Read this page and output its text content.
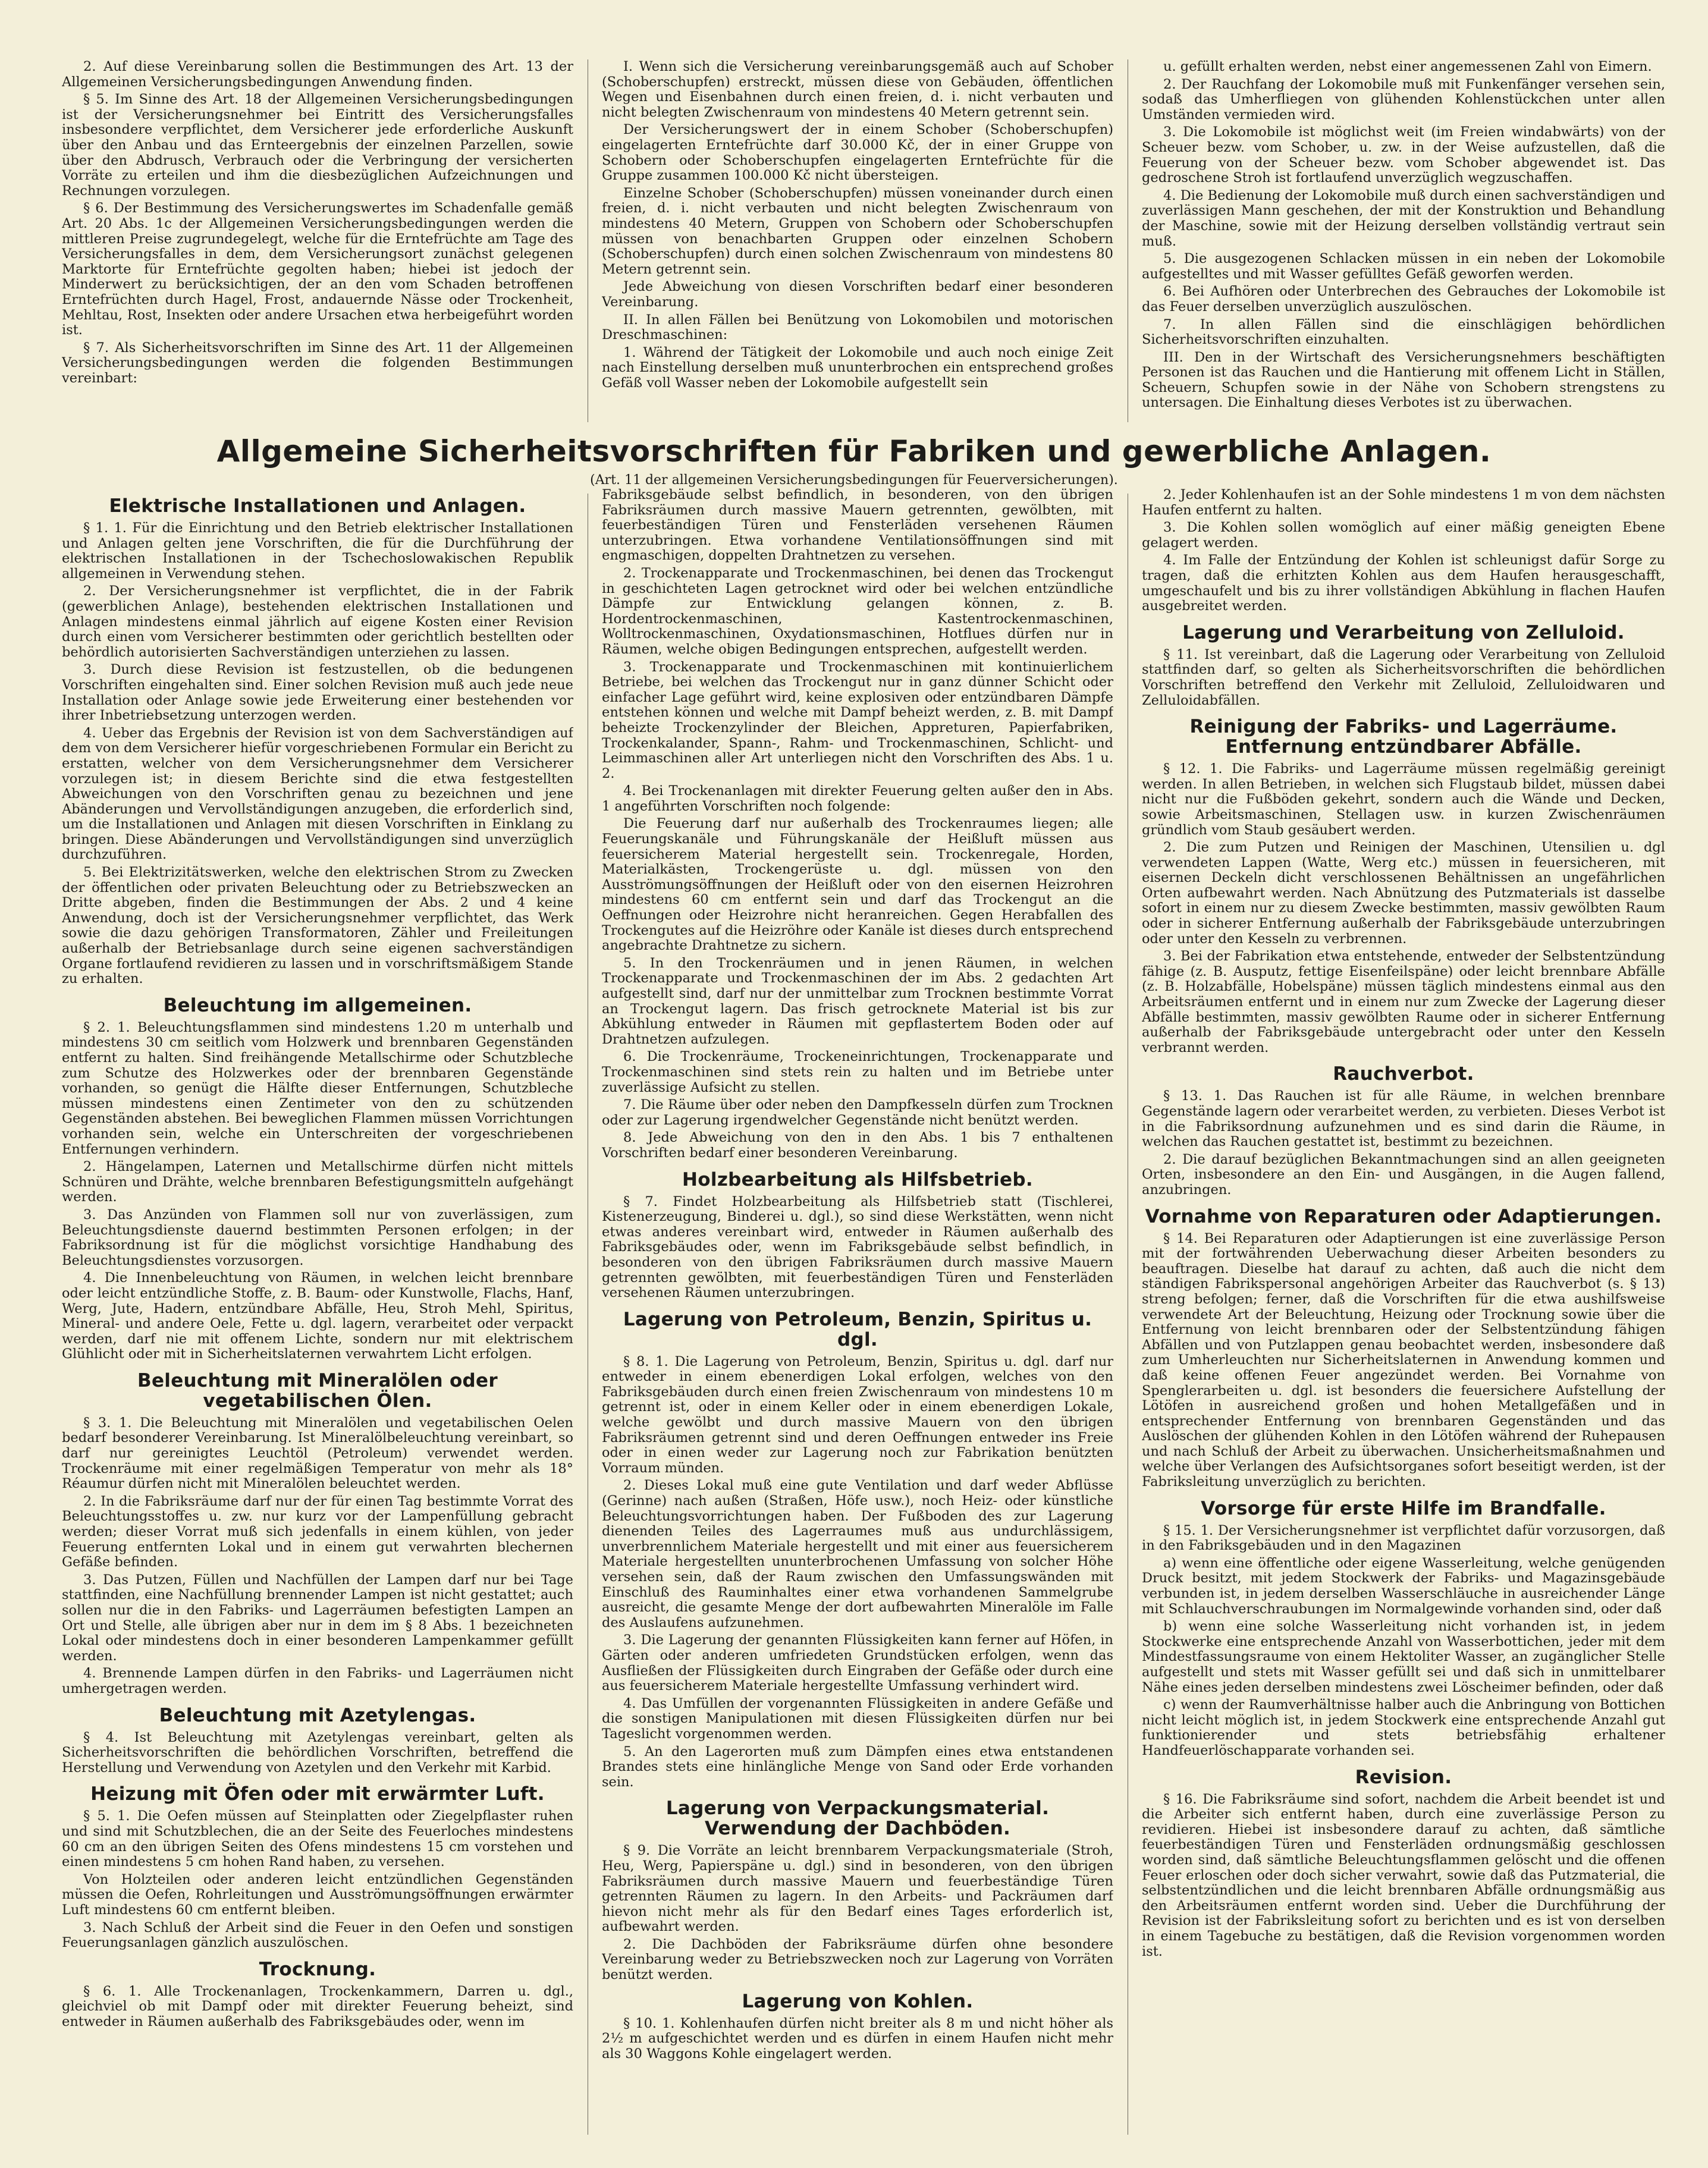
2. Auf diese Vereinbarung sollen die Bestimmungen des Art. 13 der Allgemeinen Versicherungsbedingungen Anwendung finden.

§ 5. Im Sinne des Art. 18 der Allgemeinen Versicherungsbedingungen ist der Versicherungsnehmer bei Eintritt des Versicherungsfalles insbesondere verpflichtet, dem Versicherer jede erforderliche Auskunft über den Anbau und das Ernteergebnis der einzelnen Parzellen, sowie über den Abdrusch, Verbrauch oder die Verbringung der versicherten Vorräte zu erteilen und ihm die diesbezüglichen Aufzeichnungen und Rechnungen vorzulegen.

§ 6. Der Bestimmung des Versicherungswertes im Schadenfalle gemäß Art. 20 Abs. 1c der Allgemeinen Versicherungsbedingungen werden die mittleren Preise zugrundegelegt, welche für die Erntefrüchte am Tage des Versicherungsfalles in dem, dem Versicherungsort zunächst gelegenen Marktorte für Erntefrüchte gegolten haben; hiebei ist jedoch der Minderwert zu berücksichtigen, der an den vom Schaden betroffenen Erntefrüchten durch Hagel, Frost, andauernde Nässe oder Trockenheit, Mehltau, Rost, Insekten oder andere Ursachen etwa herbeigeführt worden ist.

§ 7. Als Sicherheitsvorschriften im Sinne des Art. 11 der Allgemeinen Versicherungsbedingungen werden die folgenden Bestimmungen vereinbart:

I. Wenn sich die Versicherung vereinbarungsgemäß auch auf Schober (Schoberschupfen) erstreckt, müssen diese von Gebäuden, öffentlichen Wegen und Eisenbahnen durch einen freien, d. i. nicht verbauten und nicht belegten Zwischenraum von mindestens 40 Metern getrennt sein.

Der Versicherungswert der in einem Schober (Schoberschupfen) eingelagerten Erntefrüchte darf 30.000 Kč, der in einer Gruppe von Schobern oder Schoberschupfen eingelagerten Erntefrüchte für die Gruppe zusammen 100.000 Kč nicht übersteigen.

Einzelne Schober (Schoberschupfen) müssen voneinander durch einen freien, d. i. nicht verbauten und nicht belegten Zwischenraum von mindestens 40 Metern, Gruppen von Schobern oder Schoberschupfen müssen von benachbarten Gruppen oder einzelnen Schobern (Schoberschupfen) durch einen solchen Zwischenraum von mindestens 80 Metern getrennt sein.

Jede Abweichung von diesen Vorschriften bedarf einer besonderen Vereinbarung.

II. In allen Fällen bei Benützung von Lokomobilen und motorischen Dreschmaschinen:

1. Während der Tätigkeit der Lokomobile und auch noch einige Zeit nach Einstellung derselben muß ununterbrochen ein entsprechend großes Gefäß voll Wasser neben der Lokomobile aufgestellt sein

u. gefüllt erhalten werden, nebst einer angemessenen Zahl von Eimern.

2. Der Rauchfang der Lokomobile muß mit Funkenfänger versehen sein, sodaß das Umherfliegen von glühenden Kohlenstückchen unter allen Umständen vermieden wird.

3. Die Lokomobile ist möglichst weit (im Freien windabwärts) von der Scheuer bezw. vom Schober, u. zw. in der Weise aufzustellen, daß die Feuerung von der Scheuer bezw. vom Schober abgewendet ist. Das gedroschene Stroh ist fortlaufend unverzüglich wegzuschaffen.

4. Die Bedienung der Lokomobile muß durch einen sachverständigen und zuverlässigen Mann geschehen, der mit der Konstruktion und Behandlung der Maschine, sowie mit der Heizung derselben vollständig vertraut sein muß.

5. Die ausgezogenen Schlacken müssen in ein neben der Lokomobile aufgestelltes und mit Wasser gefülltes Gefäß geworfen werden.

6. Bei Aufhören oder Unterbrechen des Gebrauches der Lokomobile ist das Feuer derselben unverzüglich auszulöschen.

7. In allen Fällen sind die einschlägigen behördlichen Sicherheitsvorschriften einzuhalten.

III. Den in der Wirtschaft des Versicherungsnehmers beschäftigten Personen ist das Rauchen und die Hantierung mit offenem Licht in Ställen, Scheuern, Schupfen sowie in der Nähe von Schobern strengstens zu untersagen. Die Einhaltung dieses Verbotes ist zu überwachen.

Allgemeine Sicherheitsvorschriften für Fabriken und gewerbliche Anlagen.
(Art. 11 der allgemeinen Versicherungsbedingungen für Feuerversicherungen).
Elektrische Installationen und Anlagen.

§ 1. 1. Für die Einrichtung und den Betrieb elektrischer Installationen und Anlagen gelten jene Vorschriften, die für die Durchführung der elektrischen Installationen in der Tschechoslowakischen Republik allgemeinen in Verwendung stehen.

2. Der Versicherungsnehmer ist verpflichtet, die in der Fabrik (gewerblichen Anlage), bestehenden elektrischen Installationen und Anlagen mindestens einmal jährlich auf eigene Kosten einer Revision durch einen vom Versicherer bestimmten oder gerichtlich bestellten oder behördlich autorisierten Sachverständigen unterziehen zu lassen.

3. Durch diese Revision ist festzustellen, ob die bedungenen Vorschriften eingehalten sind. Einer solchen Revision muß auch jede neue Installation oder Anlage sowie jede Erweiterung einer bestehenden vor ihrer Inbetriebsetzung unterzogen werden.

4. Ueber das Ergebnis der Revision ist von dem Sachverständigen auf dem von dem Versicherer hiefür vorgeschriebenen Formular ein Bericht zu erstatten, welcher von dem Versicherungsnehmer dem Versicherer vorzulegen ist; in diesem Berichte sind die etwa festgestellten Abweichungen von den Vorschriften genau zu bezeichnen und jene Abänderungen und Vervollständigungen anzugeben, die erforderlich sind, um die Installationen und Anlagen mit diesen Vorschriften in Einklang zu bringen. Diese Abänderungen und Vervollständigungen sind unverzüglich durchzuführen.

5. Bei Elektrizitätswerken, welche den elektrischen Strom zu Zwecken der öffentlichen oder privaten Beleuchtung oder zu Betriebszwecken an Dritte abgeben, finden die Bestimmungen der Abs. 2 und 4 keine Anwendung, doch ist der Versicherungsnehmer verpflichtet, das Werk sowie die dazu gehörigen Transformatoren, Zähler und Freileitungen außerhalb der Betriebsanlage durch seine eigenen sachverständigen Organe fortlaufend revidieren zu lassen und in vorschriftsmäßigem Stande zu erhalten.

Beleuchtung im allgemeinen.

§ 2. 1. Beleuchtungsflammen sind mindestens 1.20 m unterhalb und mindestens 30 cm seitlich vom Holzwerk und brennbaren Gegenständen entfernt zu halten. Sind freihängende Metallschirme oder Schutzbleche zum Schutze des Holzwerkes oder der brennbaren Gegenstände vorhanden, so genügt die Hälfte dieser Entfernungen, Schutzbleche müssen mindestens einen Zentimeter von den zu schützenden Gegenständen abstehen. Bei beweglichen Flammen müssen Vorrichtungen vorhanden sein, welche ein Unterschreiten der vorgeschriebenen Entfernungen verhindern.

2. Hängelampen, Laternen und Metallschirme dürfen nicht mittels Schnüren und Drähte, welche brennbaren Befestigungsmitteln aufgehängt werden.

3. Das Anzünden von Flammen soll nur von zuverlässigen, zum Beleuchtungsdienste dauernd bestimmten Personen erfolgen; in der Fabriksordnung ist für die möglichst vorsichtige Handhabung des Beleuchtungsdienstes vorzusorgen.

4. Die Innenbeleuchtung von Räumen, in welchen leicht brennbare oder leicht entzündliche Stoffe, z. B. Baum- oder Kunstwolle, Flachs, Hanf, Werg, Jute, Hadern, entzündbare Abfälle, Heu, Stroh Mehl, Spiritus, Mineral- und andere Oele, Fette u. dgl. lagern, verarbeitet oder verpackt werden, darf nie mit offenem Lichte, sondern nur mit elektrischem Glühlicht oder mit in Sicherheitslaternen verwahrtem Licht erfolgen.

Beleuchtung mit Mineralölen oder vegetabilischen Ölen.

§ 3. 1. Die Beleuchtung mit Mineralölen und vegetabilischen Oelen bedarf besonderer Vereinbarung. Ist Mineralölbeleuchtung vereinbart, so darf nur gereinigtes Leuchtöl (Petroleum) verwendet werden. Trockenräume mit einer regelmäßigen Temperatur von mehr als 18° Réaumur dürfen nicht mit Mineralölen beleuchtet werden.

2. In die Fabriksräume darf nur der für einen Tag bestimmte Vorrat des Beleuchtungsstoffes u. zw. nur kurz vor der Lampenfüllung gebracht werden; dieser Vorrat muß sich jedenfalls in einem kühlen, von jeder Feuerung entfernten Lokal und in einem gut verwahrten blechernen Gefäße befinden.

3. Das Putzen, Füllen und Nachfüllen der Lampen darf nur bei Tage stattfinden, eine Nachfüllung brennender Lampen ist nicht gestattet; auch sollen nur die in den Fabriks- und Lagerräumen befestigten Lampen an Ort und Stelle, alle übrigen aber nur in dem im § 8 Abs. 1 bezeichneten Lokal oder mindestens doch in einer besonderen Lampenkammer gefüllt werden.

4. Brennende Lampen dürfen in den Fabriks- und Lagerräumen nicht umhergetragen werden.

Beleuchtung mit Azetylengas.

§ 4. Ist Beleuchtung mit Azetylengas vereinbart, gelten als Sicherheitsvorschriften die behördlichen Vorschriften, betreffend die Herstellung und Verwendung von Azetylen und den Verkehr mit Karbid.

Heizung mit Öfen oder mit erwärmter Luft.

§ 5. 1. Die Oefen müssen auf Steinplatten oder Ziegelpflaster ruhen und sind mit Schutzblechen, die an der Seite des Feuerloches mindestens 60 cm an den übrigen Seiten des Ofens mindestens 15 cm vorstehen und einen mindestens 5 cm hohen Rand haben, zu versehen.

Von Holzteilen oder anderen leicht entzündlichen Gegenständen müssen die Oefen, Rohrleitungen und Ausströmungsöffnungen erwärmter Luft mindestens 60 cm entfernt bleiben.

3. Nach Schluß der Arbeit sind die Feuer in den Oefen und sonstigen Feuerungsanlagen gänzlich auszulöschen.

Trocknung.

§ 6. 1. Alle Trockenanlagen, Trockenkammern, Darren u. dgl., gleichviel ob mit Dampf oder mit direkter Feuerung beheizt, sind entweder in Räumen außerhalb des Fabriksgebäudes oder, wenn im

Fabriksgebäude selbst befindlich, in besonderen, von den übrigen Fabriksräumen durch massive Mauern getrennten, gewölbten, mit feuerbeständigen Türen und Fensterläden versehenen Räumen unterzubringen. Etwa vorhandene Ventilationsöffnungen sind mit engmaschigen, doppelten Drahtnetzen zu versehen.

2. Trockenapparate und Trockenmaschinen, bei denen das Trockengut in geschichteten Lagen getrocknet wird oder bei welchen entzündliche Dämpfe zur Entwicklung gelangen können, z. B. Hordentrockenmaschinen, Kastentrockenmaschinen, Wolltrockenmaschinen, Oxydationsmaschinen, Hotflues dürfen nur in Räumen, welche obigen Bedingungen entsprechen, aufgestellt werden.

3. Trockenapparate und Trockenmaschinen mit kontinuierlichem Betriebe, bei welchen das Trockengut nur in ganz dünner Schicht oder einfacher Lage geführt wird, keine explosiven oder entzündbaren Dämpfe entstehen können und welche mit Dampf beheizt werden, z. B. mit Dampf beheizte Trockenzylinder der Bleichen, Appreturen, Papierfabriken, Trockenkalander, Spann-, Rahm- und Trockenmaschinen, Schlicht- und Leimmaschinen aller Art unterliegen nicht den Vorschriften des Abs. 1 u. 2.

4. Bei Trockenanlagen mit direkter Feuerung gelten außer den in Abs. 1 angeführten Vorschriften noch folgende:

Die Feuerung darf nur außerhalb des Trockenraumes liegen; alle Feuerungskanäle und Führungskanäle der Heißluft müssen aus feuersicherem Material hergestellt sein. Trockenregale, Horden, Materialkästen, Trockengerüste u. dgl. müssen von den Ausströmungsöffnungen der Heißluft oder von den eisernen Heizrohren mindestens 60 cm entfernt sein und darf das Trockengut an die Oeffnungen oder Heizrohre nicht heranreichen. Gegen Herabfallen des Trockengutes auf die Heizröhre oder Kanäle ist dieses durch entsprechend angebrachte Drahtnetze zu sichern.

5. In den Trockenräumen und in jenen Räumen, in welchen Trockenapparate und Trockenmaschinen der im Abs. 2 gedachten Art aufgestellt sind, darf nur der unmittelbar zum Trocknen bestimmte Vorrat an Trockengut lagern. Das frisch getrocknete Material ist bis zur Abkühlung entweder in Räumen mit gepflastertem Boden oder auf Drahtnetzen aufzulegen.

6. Die Trockenräume, Trockeneinrichtungen, Trockenapparate und Trockenmaschinen sind stets rein zu halten und im Betriebe unter zuverlässige Aufsicht zu stellen.

7. Die Räume über oder neben den Dampfkesseln dürfen zum Trocknen oder zur Lagerung irgendwelcher Gegenstände nicht benützt werden.

8. Jede Abweichung von den in den Abs. 1 bis 7 enthaltenen Vorschriften bedarf einer besonderen Vereinbarung.

Holzbearbeitung als Hilfsbetrieb.

§ 7. Findet Holzbearbeitung als Hilfsbetrieb statt (Tischlerei, Kistenerzeugung, Binderei u. dgl.), so sind diese Werkstätten, wenn nicht etwas anderes vereinbart wird, entweder in Räumen außerhalb des Fabriksgebäudes oder, wenn im Fabriksgebäude selbst befindlich, in besonderen von den übrigen Fabriksräumen durch massive Mauern getrennten gewölbten, mit feuerbeständigen Türen und Fensterläden versehenen Räumen unterzubringen.

Lagerung von Petroleum, Benzin, Spiritus u. dgl.

§ 8. 1. Die Lagerung von Petroleum, Benzin, Spiritus u. dgl. darf nur entweder in einem ebenerdigen Lokal erfolgen, welches von den Fabriksgebäuden durch einen freien Zwischenraum von mindestens 10 m getrennt ist, oder in einem Keller oder in einem ebenerdigen Lokale, welche gewölbt und durch massive Mauern von den übrigen Fabriksräumen getrennt sind und deren Oeffnungen entweder ins Freie oder in einen weder zur Lagerung noch zur Fabrikation benützten Vorraum münden.

2. Dieses Lokal muß eine gute Ventilation und darf weder Abflüsse (Gerinne) nach außen (Straßen, Höfe usw.), noch Heiz- oder künstliche Beleuchtungsvorrichtungen haben. Der Fußboden des zur Lagerung dienenden Teiles des Lagerraumes muß aus undurchlässigem, unverbrennlichem Materiale hergestellt und mit einer aus feuersicherem Materiale hergestellten ununterbrochenen Umfassung von solcher Höhe versehen sein, daß der Raum zwischen den Umfassungswänden mit Einschluß des Rauminhaltes einer etwa vorhandenen Sammelgrube ausreicht, die gesamte Menge der dort aufbewahrten Mineralöle im Falle des Auslaufens aufzunehmen.

3. Die Lagerung der genannten Flüssigkeiten kann ferner auf Höfen, in Gärten oder anderen umfriedeten Grundstücken erfolgen, wenn das Ausfließen der Flüssigkeiten durch Eingraben der Gefäße oder durch eine aus feuersicherem Materiale hergestellte Umfassung verhindert wird.

4. Das Umfüllen der vorgenannten Flüssigkeiten in andere Gefäße und die sonstigen Manipulationen mit diesen Flüssigkeiten dürfen nur bei Tageslicht vorgenommen werden.

5. An den Lagerorten muß zum Dämpfen eines etwa entstandenen Brandes stets eine hinlängliche Menge von Sand oder Erde vorhanden sein.

Lagerung von Verpackungsmaterial. Verwendung der Dachböden.

§ 9. Die Vorräte an leicht brennbarem Verpackungsmateriale (Stroh, Heu, Werg, Papierspäne u. dgl.) sind in besonderen, von den übrigen Fabriksräumen durch massive Mauern und feuerbeständige Türen getrennten Räumen zu lagern. In den Arbeits- und Packräumen darf hievon nicht mehr als für den Bedarf eines Tages erforderlich ist, aufbewahrt werden.

2. Die Dachböden der Fabriksräume dürfen ohne besondere Vereinbarung weder zu Betriebszwecken noch zur Lagerung von Vorräten benützt werden.

Lagerung von Kohlen.

§ 10. 1. Kohlenhaufen dürfen nicht breiter als 8 m und nicht höher als 2½ m aufgeschichtet werden und es dürfen in einem Haufen nicht mehr als 30 Waggons Kohle eingelagert werden.

2. Jeder Kohlenhaufen ist an der Sohle mindestens 1 m von dem nächsten Haufen entfernt zu halten.

3. Die Kohlen sollen womöglich auf einer mäßig geneigten Ebene gelagert werden.

4. Im Falle der Entzündung der Kohlen ist schleunigst dafür Sorge zu tragen, daß die erhitzten Kohlen aus dem Haufen herausgeschafft, umgeschaufelt und bis zu ihrer vollständigen Abkühlung in flachen Haufen ausgebreitet werden.

Lagerung und Verarbeitung von Zelluloid.

§ 11. Ist vereinbart, daß die Lagerung oder Verarbeitung von Zelluloid stattfinden darf, so gelten als Sicherheitsvorschriften die behördlichen Vorschriften betreffend den Verkehr mit Zelluloid, Zelluloidwaren und Zelluloidabfällen.

Reinigung der Fabriks- und Lagerräume. Entfernung entzündbarer Abfälle.

§ 12. 1. Die Fabriks- und Lagerräume müssen regelmäßig gereinigt werden. In allen Betrieben, in welchen sich Flugstaub bildet, müssen dabei nicht nur die Fußböden gekehrt, sondern auch die Wände und Decken, sowie Arbeitsmaschinen, Stellagen usw. in kurzen Zwischenräumen gründlich vom Staub gesäubert werden.

2. Die zum Putzen und Reinigen der Maschinen, Utensilien u. dgl verwendeten Lappen (Watte, Werg etc.) müssen in feuersicheren, mit eisernen Deckeln dicht verschlossenen Behältnissen an ungefährlichen Orten aufbewahrt werden. Nach Abnützung des Putzmaterials ist dasselbe sofort in einem nur zu diesem Zwecke bestimmten, massiv gewölbten Raum oder in sicherer Entfernung außerhalb der Fabriksgebäude unterzubringen oder unter den Kesseln zu verbrennen.

3. Bei der Fabrikation etwa entstehende, entweder der Selbstentzündung fähige (z. B. Ausputz, fettige Eisenfeilspäne) oder leicht brennbare Abfälle (z. B. Holzabfälle, Hobelspäne) müssen täglich mindestens einmal aus den Arbeitsräumen entfernt und in einem nur zum Zwecke der Lagerung dieser Abfälle bestimmten, massiv gewölbten Raume oder in sicherer Entfernung außerhalb der Fabriksgebäude untergebracht oder unter den Kesseln verbrannt werden.

Rauchverbot.

§ 13. 1. Das Rauchen ist für alle Räume, in welchen brennbare Gegenstände lagern oder verarbeitet werden, zu verbieten. Dieses Verbot ist in die Fabriksordnung aufzunehmen und es sind darin die Räume, in welchen das Rauchen gestattet ist, bestimmt zu bezeichnen.

2. Die darauf bezüglichen Bekanntmachungen sind an allen geeigneten Orten, insbesondere an den Ein- und Ausgängen, in die Augen fallend, anzubringen.

Vornahme von Reparaturen oder Adaptierungen.

§ 14. Bei Reparaturen oder Adaptierungen ist eine zuverlässige Person mit der fortwährenden Ueberwachung dieser Arbeiten besonders zu beauftragen. Dieselbe hat darauf zu achten, daß auch die nicht dem ständigen Fabrikspersonal angehörigen Arbeiter das Rauchverbot (s. § 13) streng befolgen; ferner, daß die Vorschriften für die etwa aushilfsweise verwendete Art der Beleuchtung, Heizung oder Trocknung sowie über die Entfernung von leicht brennbaren oder der Selbstentzündung fähigen Abfällen und von Putzlappen genau beobachtet werden, insbesondere daß zum Umherleuchten nur Sicherheitslaternen in Anwendung kommen und daß keine offenen Feuer angezündet werden. Bei Vornahme von Spenglerarbeiten u. dgl. ist besonders die feuersichere Aufstellung der Lötöfen in ausreichend großen und hohen Metallgefäßen und in entsprechender Entfernung von brennbaren Gegenständen und das Auslöschen der glühenden Kohlen in den Lötöfen während der Ruhepausen und nach Schluß der Arbeit zu überwachen. Unsicherheitsmaßnahmen und welche über Verlangen des Aufsichtsorganes sofort beseitigt werden, ist der Fabriksleitung unverzüglich zu berichten.

Vorsorge für erste Hilfe im Brandfalle.

§ 15. 1. Der Versicherungsnehmer ist verpflichtet dafür vorzusorgen, daß in den Fabriksgebäuden und in den Magazinen

a) wenn eine öffentliche oder eigene Wasserleitung, welche genügenden Druck besitzt, mit jedem Stockwerk der Fabriks- und Magazinsgebäude verbunden ist, in jedem derselben Wasserschläuche in ausreichender Länge mit Schlauchverschraubungen im Normalgewinde vorhanden sind, oder daß

b) wenn eine solche Wasserleitung nicht vorhanden ist, in jedem Stockwerke eine entsprechende Anzahl von Wasserbottichen, jeder mit dem Mindestfassungsraume von einem Hektoliter Wasser, an zugänglicher Stelle aufgestellt und stets mit Wasser gefüllt sei und daß sich in unmittelbarer Nähe eines jeden derselben mindestens zwei Löscheimer befinden, oder daß

c) wenn der Raumverhältnisse halber auch die Anbringung von Bottichen nicht leicht möglich ist, in jedem Stockwerk eine entsprechende Anzahl gut funktionierender und stets betriebsfähig erhaltener Handfeuerlöschapparate vorhanden sei.

Revision.

§ 16. Die Fabriksräume sind sofort, nachdem die Arbeit beendet ist und die Arbeiter sich entfernt haben, durch eine zuverlässige Person zu revidieren. Hiebei ist insbesondere darauf zu achten, daß sämtliche feuerbeständigen Türen und Fensterläden ordnungsmäßig geschlossen worden sind, daß sämtliche Beleuchtungsflammen gelöscht und die offenen Feuer erloschen oder doch sicher verwahrt, sowie daß das Putzmaterial, die selbstentzündlichen und die leicht brennbaren Abfälle ordnungsmäßig aus den Arbeitsräumen entfernt worden sind. Ueber die Durchführung der Revision ist der Fabriksleitung sofort zu berichten und es ist von derselben in einem Tagebuche zu bestätigen, daß die Revision vorgenommen worden ist.
